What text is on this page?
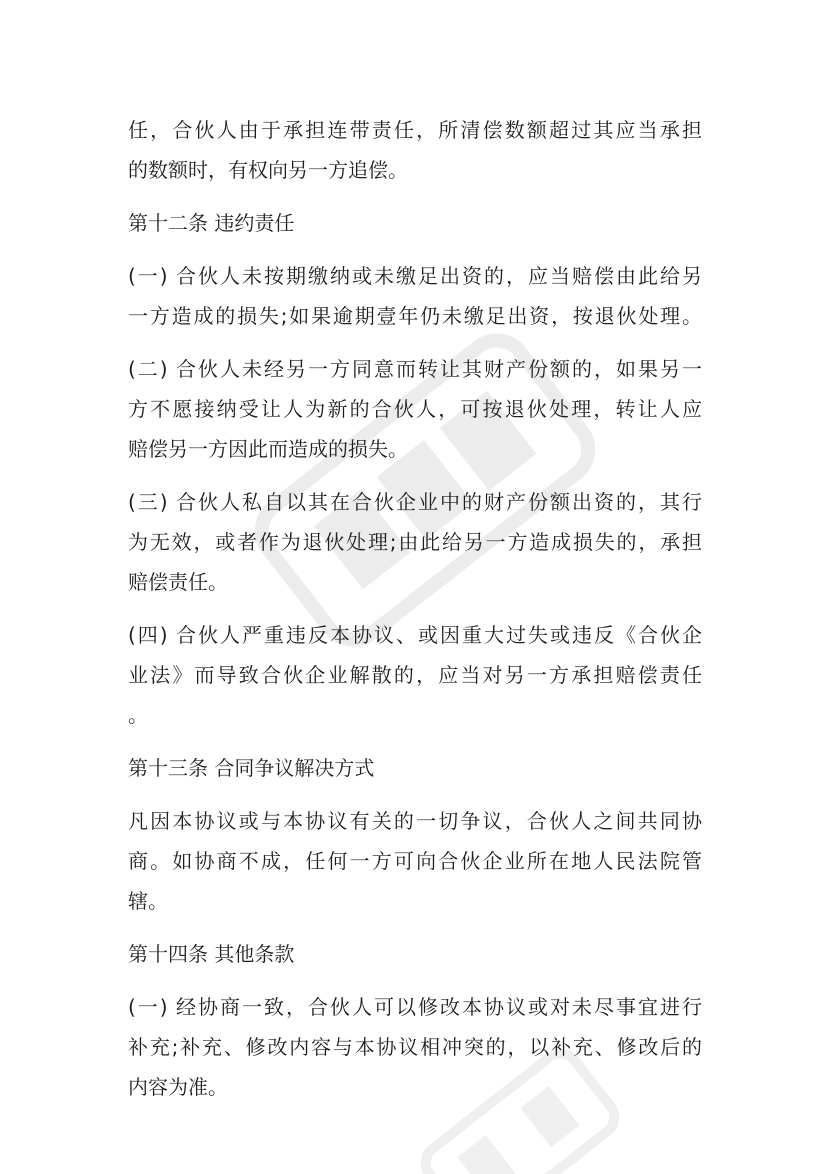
任，合伙人由于承担连带责任，所清偿数额超过其应当承担
的数额时，有权向另一方追偿。
第十二条 违约责任
(一) 合伙人未按期缴纳或未缴足出资的，应当赔偿由此给另
一方造成的损失;如果逾期壹年仍未缴足出资，按退伙处理。
(二) 合伙人未经另一方同意而转让其财产份额的，如果另一
方不愿接纳受让人为新的合伙人，可按退伙处理，转让人应
赔偿另一方因此而造成的损失。
(三) 合伙人私自以其在合伙企业中的财产份额出资的，其行
为无效，或者作为退伙处理;由此给另一方造成损失的，承担
赔偿责任。
(四) 合伙人严重违反本协议、或因重大过失或违反《合伙企
业法》而导致合伙企业解散的，应当对另一方承担赔偿责任
。
第十三条 合同争议解决方式
凡因本协议或与本协议有关的一切争议，合伙人之间共同协
商。如协商不成，任何一方可向合伙企业所在地人民法院管
辖。
第十四条 其他条款
(一) 经协商一致，合伙人可以修改本协议或对未尽事宜进行
补充;补充、修改内容与本协议相冲突的，以补充、修改后的
内容为准。
